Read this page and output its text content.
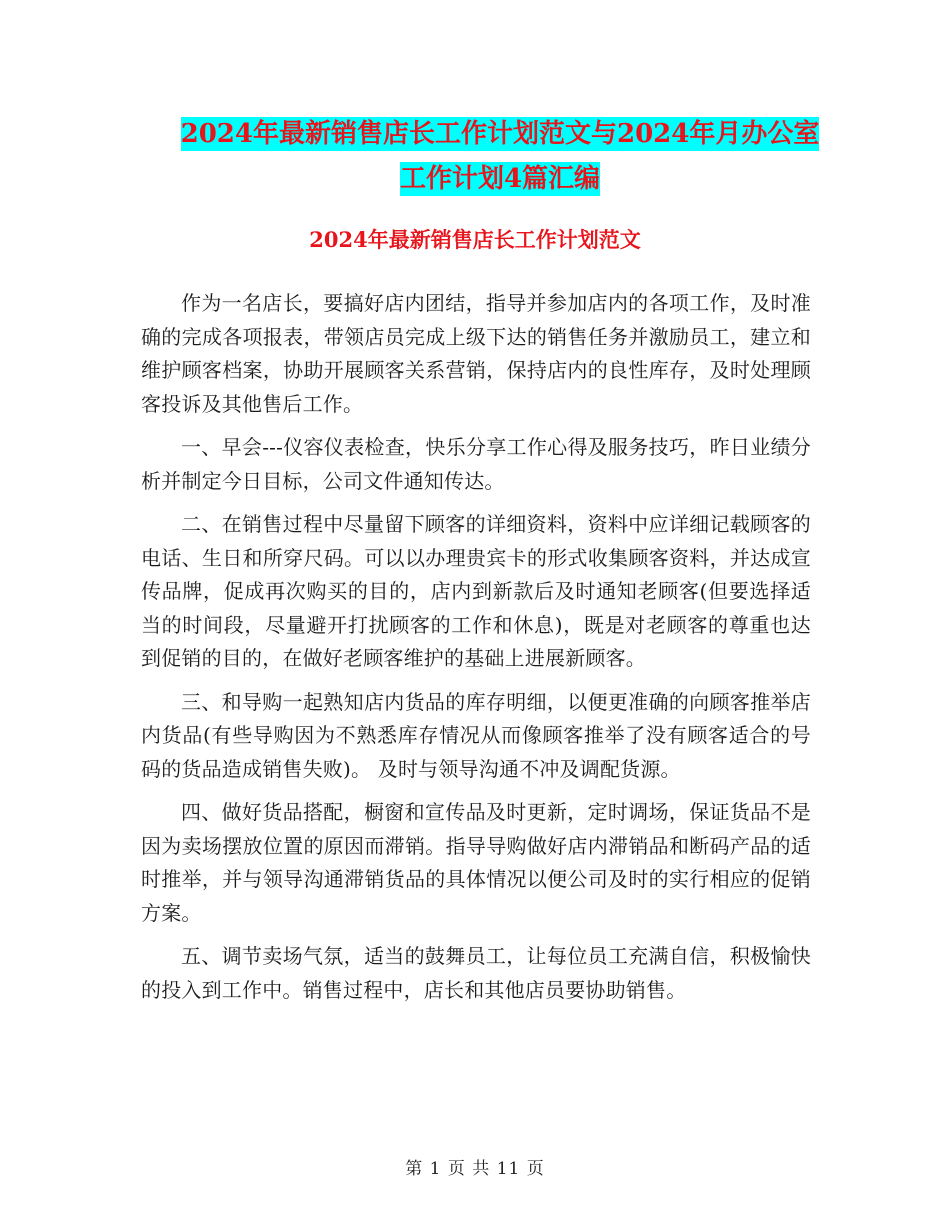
2024年最新销售店长工作计划范文与2024年月办公室
工作计划4篇汇编
2024年最新销售店长工作计划范文

作为一名店长，要搞好店内团结，指导并参加店内的各项工作，及时准确的完成各项报表，带领店员完成上级下达的销售任务并激励员工，建立和维护顾客档案，协助开展顾客关系营销，保持店内的良性库存，及时处理顾客投诉及其他售后工作。

一、早会---仪容仪表检查，快乐分享工作心得及服务技巧，昨日业绩分析并制定今日目标，公司文件通知传达。

二、在销售过程中尽量留下顾客的详细资料，资料中应详细记载顾客的电话、生日和所穿尺码。可以以办理贵宾卡的形式收集顾客资料，并达成宣传品牌，促成再次购买的目的，店内到新款后及时通知老顾客(但要选择适当的时间段，尽量避开打扰顾客的工作和休息)，既是对老顾客的尊重也达到促销的目的，在做好老顾客维护的基础上进展新顾客。

三、和导购一起熟知店内货品的库存明细，以便更准确的向顾客推举店内货品(有些导购因为不熟悉库存情况从而像顾客推举了没有顾客适合的号码的货品造成销售失败)。 及时与领导沟通不冲及调配货源。

四、做好货品搭配，橱窗和宣传品及时更新，定时调场，保证货品不是因为卖场摆放位置的原因而滞销。指导导购做好店内滞销品和断码产品的适时推举，并与领导沟通滞销货品的具体情况以便公司及时的实行相应的促销方案。

五、调节卖场气氛，适当的鼓舞员工，让每位员工充满自信，积极愉快的投入到工作中。销售过程中，店长和其他店员要协助销售。

第 1 页 共 11 页
